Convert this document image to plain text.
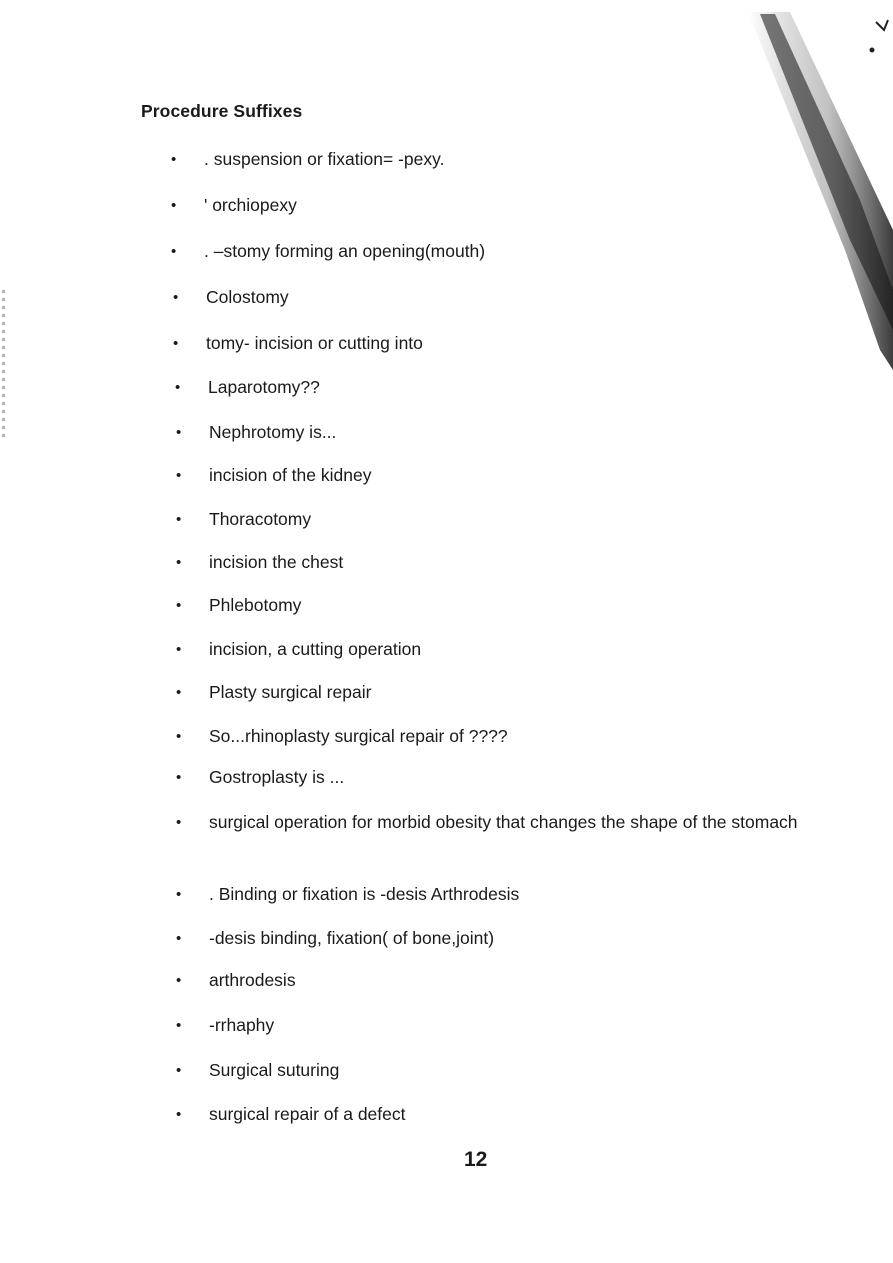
Procedure Suffixes
• . suspension or fixation= -pexy.
• ' orchiopexy
• . –stomy forming an opening(mouth)
• Colostomy
• tomy- incision or cutting into
• Laparotomy??
• Nephrotomy is...
• incision of the kidney
• Thoracotomy
• incision the chest
• Phlebotomy
• incision, a cutting operation
• Plasty surgical repair
• So...rhinoplasty surgical repair of ????
• Gostroplasty is ...
• surgical operation for morbid obesity that changes the shape of the stomach
• . Binding or fixation is -desis Arthrodesis
• -desis binding, fixation( of bone,joint)
• arthrodesis
• -rrhaphy
• Surgical suturing
• surgical repair of a defect
12
